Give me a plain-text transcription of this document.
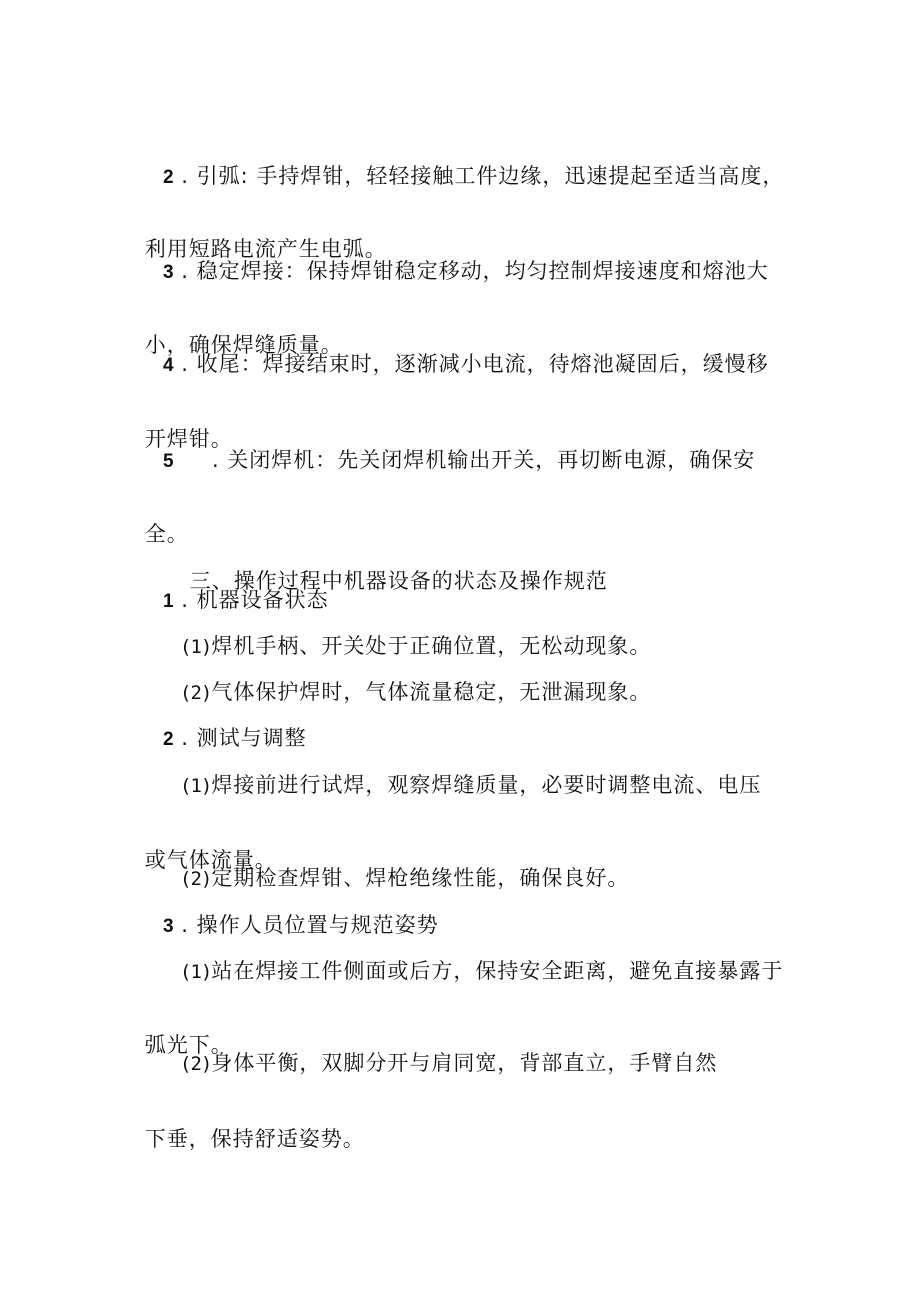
2 . 引弧: 手持焊钳，轻轻接触工件边缘，迅速提起至适当高度，

利用短路电流产生电弧。

3 . 稳定焊接：保持焊钳稳定移动，均匀控制焊接速度和熔池大

小，确保焊缝质量。

4 . 收尾：焊接结束时，逐渐减小电流，待熔池凝固后，缓慢移

开焊钳。

5 . 关闭焊机：先关闭焊机输出开关，再切断电源，确保安

全。

三、操作过程中机器设备的状态及操作规范

1 . 机器设备状态
(1) 焊机手柄、开关处于正确位置，无松动现象。
(2) 气体保护焊时，气体流量稳定，无泄漏现象。
2 . 测试与调整
(1) 焊接前进行试焊，观察焊缝质量，必要时调整电流、电压

或气体流量。

(2) 定期检查焊钳、焊枪绝缘性能，确保良好。
3 . 操作人员位置与规范姿势
(1) 站在焊接工件侧面或后方，保持安全距离，避免直接暴露于

弧光下。

(2) 身体平衡，双脚分开与肩同宽，背部直立，手臂自然

下垂，保持舒适姿势。
